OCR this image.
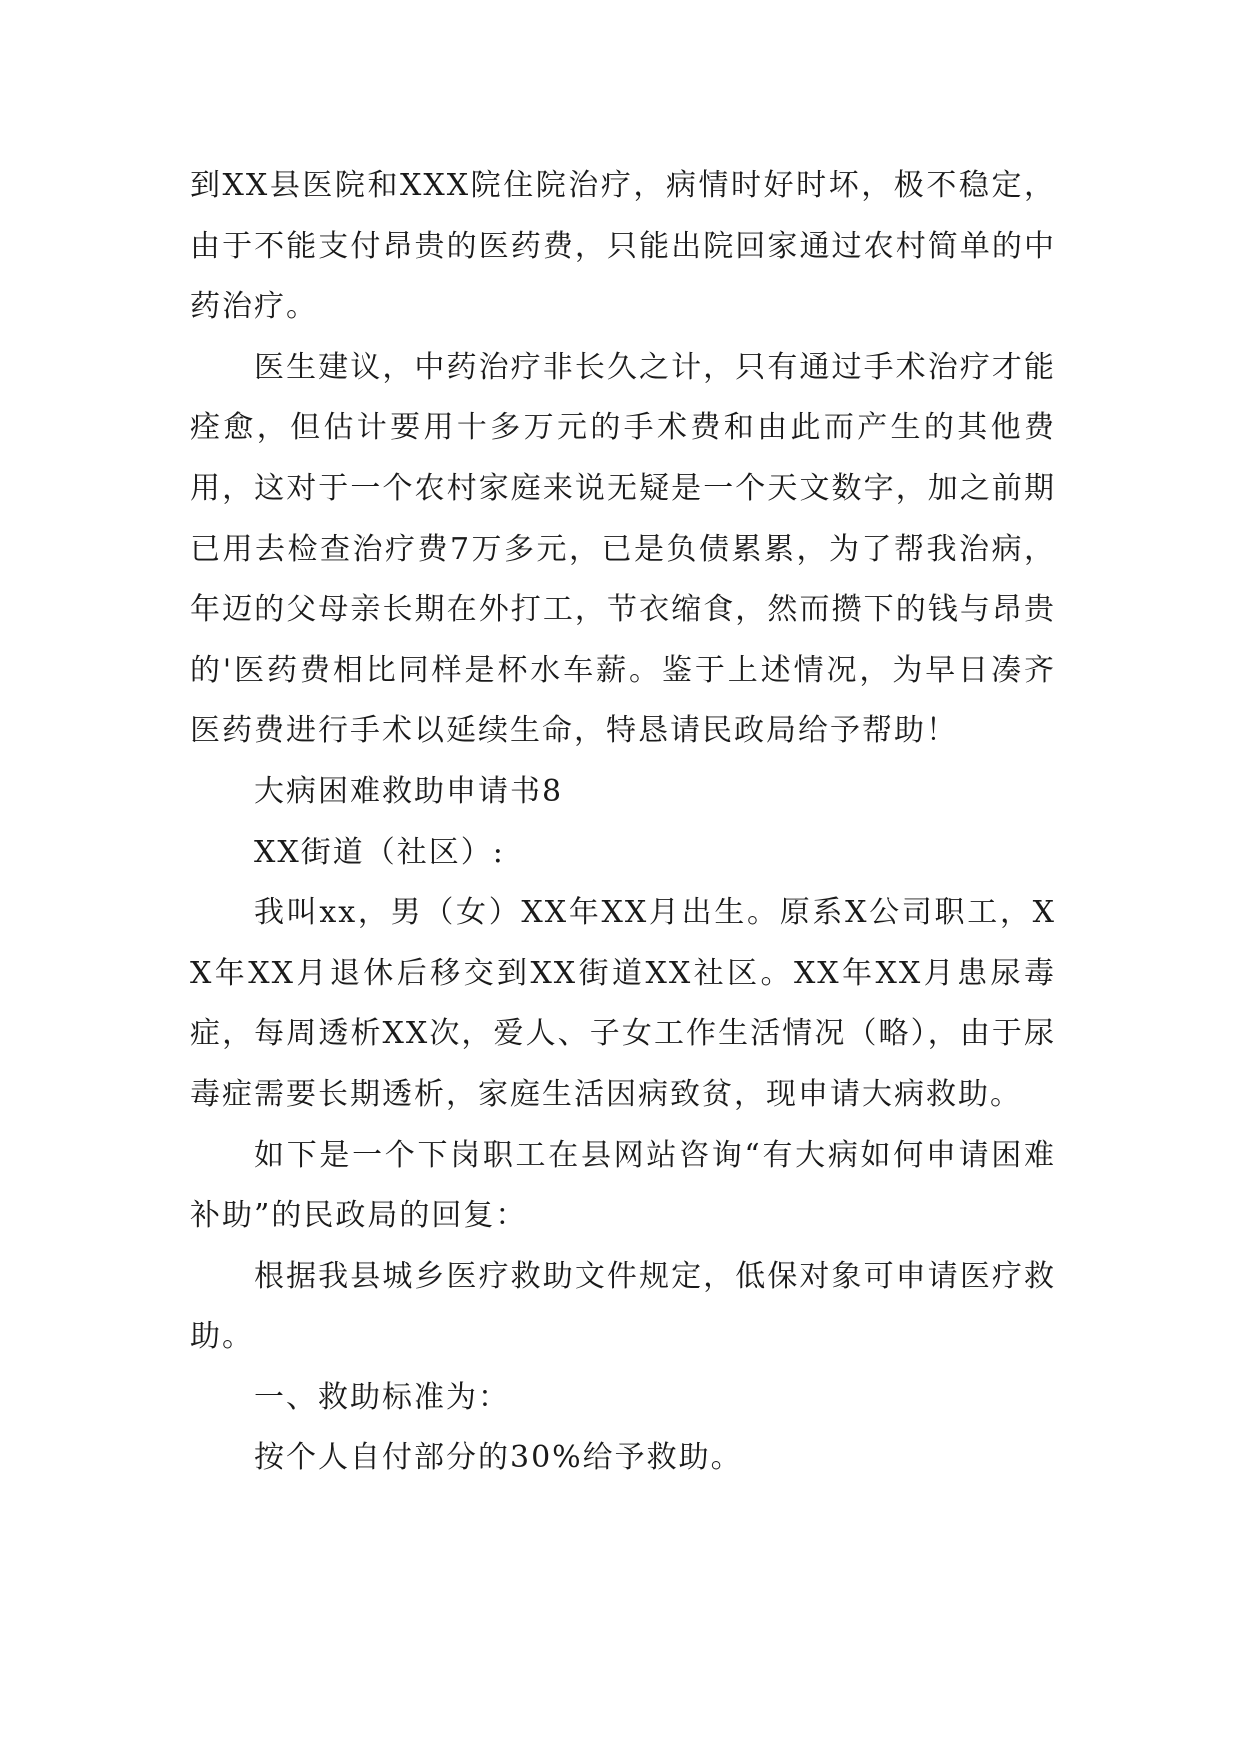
到XX县医院和XXX院住院治疗，病情时好时坏，极不稳定，由于不能支付昂贵的医药费，只能出院回家通过农村简单的中药治疗。

医生建议，中药治疗非长久之计，只有通过手术治疗才能痊愈，但估计要用十多万元的手术费和由此而产生的其他费用，这对于一个农村家庭来说无疑是一个天文数字，加之前期已用去检查治疗费7万多元，已是负债累累，为了帮我治病，年迈的父母亲长期在外打工，节衣缩食，然而攒下的钱与昂贵的'医药费相比同样是杯水车薪。鉴于上述情况，为早日凑齐医药费进行手术以延续生命，特恳请民政局给予帮助！

大病困难救助申请书8

XX街道（社区）:

我叫xx，男（女）XX年XX月出生。原系X公司职工，XX年XX月退休后移交到XX街道XX社区。XX年XX月患尿毒症，每周透析XX次，爱人、子女工作生活情况（略），由于尿毒症需要长期透析，家庭生活因病致贫，现申请大病救助。

如下是一个下岗职工在县网站咨询“有大病如何申请困难补助”的民政局的回复：

根据我县城乡医疗救助文件规定，低保对象可申请医疗救助。

一、救助标准为：

按个人自付部分的30%给予救助。
